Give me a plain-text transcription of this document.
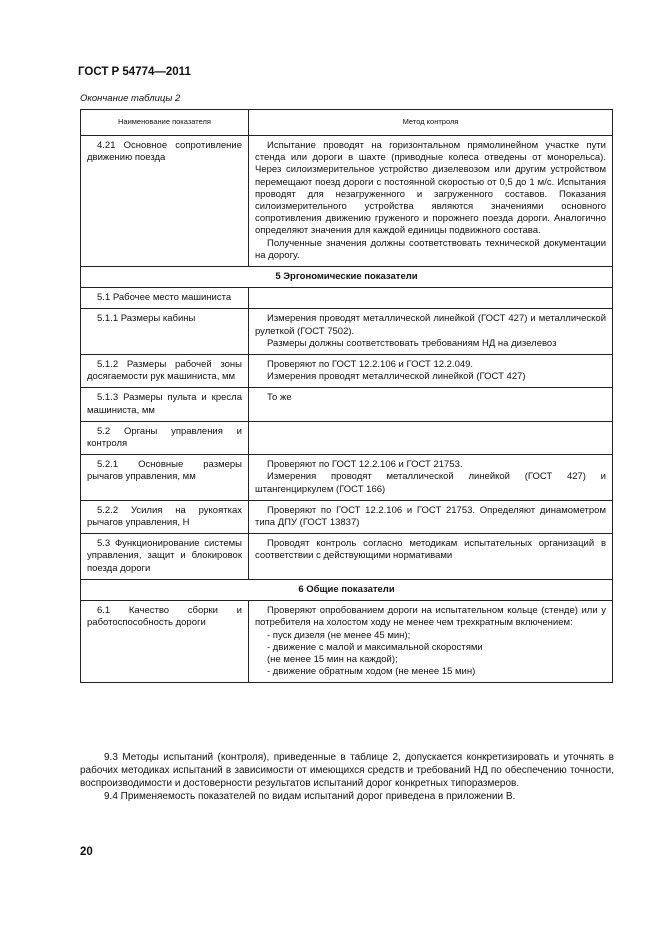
ГОСТ Р 54774—2011
Окончание таблицы 2
Наименование показателя	Метод контроля

4.21 Основное сопротивление движению поезда	Испытание проводят на горизонтальном прямолинейном участке пути стенда или дороги в шахте (приводные колеса отведены от монорельса). Через силоизмерительное устройство дизелевозом или другим устройством перемещают поезд дороги с постоянной скоростью от 0,5 до 1 м/с. Испытания проводят для незагруженного и загруженного составов. Показания силоизмерительного устройства являются значениями основного сопротивления движению груженого и порожнего поезда дороги. Аналогично определяют значения для каждой единицы подвижного состава.

Полученные значения должны соответствовать технической документации на дорогу.

5 Эргономические показатели	

5.1 Рабочее место машиниста	

5.1.1 Размеры кабины	Измерения проводят металлической линейкой (ГОСТ 427) и металлической рулеткой (ГОСТ 7502).

Размеры должны соответствовать требованиям НД на дизелевоз

5.1.2 Размеры рабочей зоны досягаемости рук машиниста, мм	Проверяют по ГОСТ 12.2.106 и ГОСТ 12.2.049.

Измерения проводят металлической линейкой (ГОСТ 427)

5.1.3 Размеры пульта и кресла машиниста, мм	То же

5.2 Органы управления и контроля	

5.2.1 Основные размеры рычагов управления, мм	Проверяют по ГОСТ 12.2.106 и ГОСТ 21753.

Измерения проводят металлической линейкой (ГОСТ 427) и штангенциркулем (ГОСТ 166)

5.2.2 Усилия на рукоятках рычагов управления, Н	Проверяют по ГОСТ 12.2.106 и ГОСТ 21753. Определяют динамометром типа ДПУ (ГОСТ 13837)

5.3 Функционирование системы управления, защит и блокировок поезда дороги	Проводят контроль согласно методикам испытательных организаций в соответствии с действующими нормативами

6 Общие показатели	

6.1 Качество сборки и работоспособность дороги	Проверяют опробованием дороги на испытательном кольце (стенде) или у потребителя на холостом ходу не менее чем трехкратным включением:

- пуск дизеля (не менее 45 мин);

- движение с малой и максимальной скоростями

(не менее 15 мин на каждой);

- движение обратным ходом (не менее 15 мин)

9.3 Методы испытаний (контроля), приведенные в таблице 2, допускается конкретизировать и уточнять в рабочих методиках испытаний в зависимости от имеющихся средств и требований НД по обеспечению точности, воспроизводимости и достоверности результатов испытаний дорог конкретных типоразмеров.

9.4 Применяемость показателей по видам испытаний дорог приведена в приложении В.

20
